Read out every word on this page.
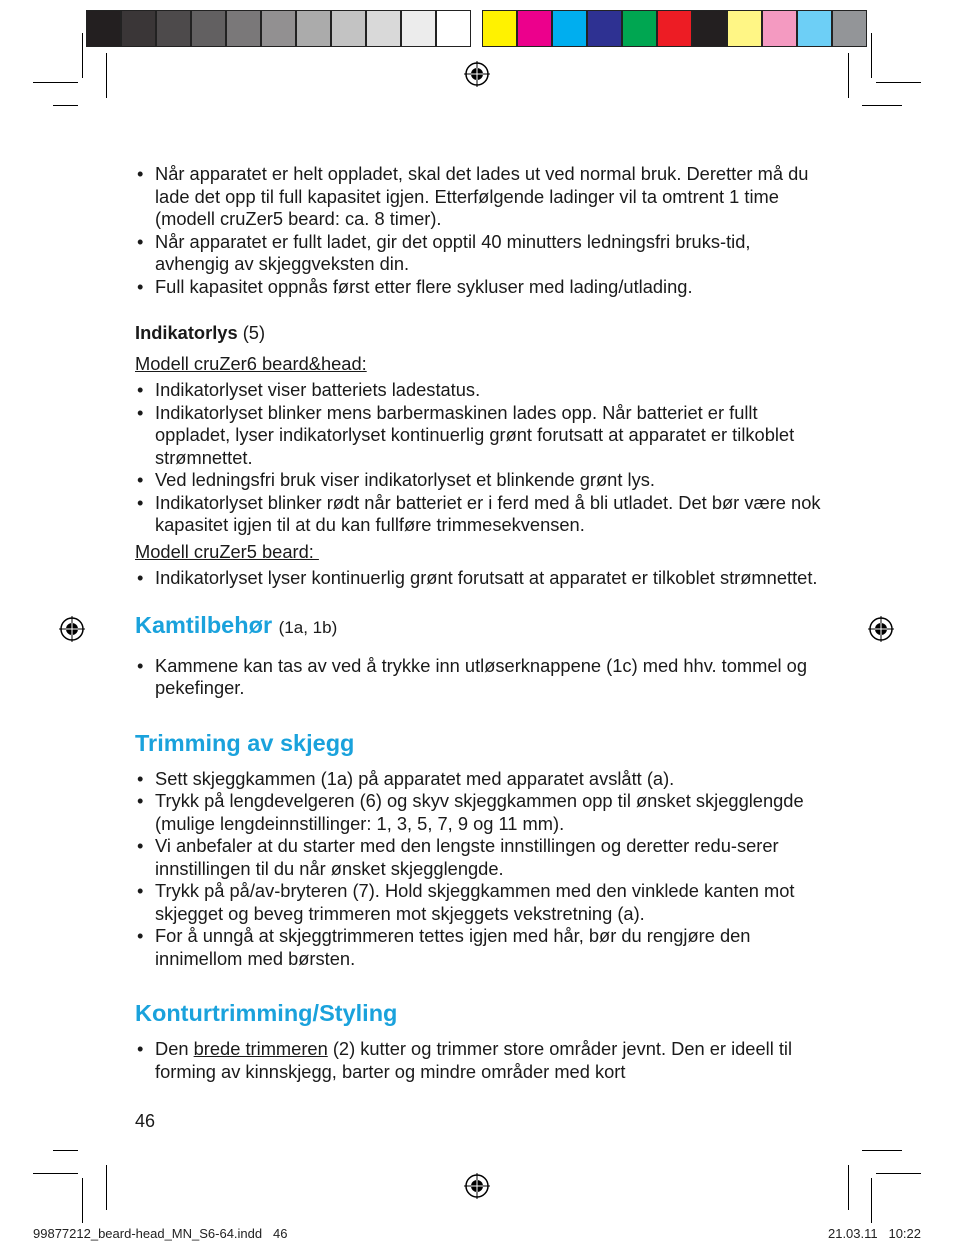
• Når apparatet er helt oppladet, skal det lades ut ved normal bruk. Deretter må du lade det opp til full kapasitet igjen. Etterfølgende ladinger vil ta omtrent 1 time (modell cruZer5 beard: ca. 8 timer).
• Når apparatet er fullt ladet, gir det opptil 40 minutters ledningsfri bruks-tid, avhengig av skjeggveksten din.
• Full kapasitet oppnås først etter flere sykluser med lading/utlading.
Indikatorlys (5)
Modell cruZer6 beard&head:
• Indikatorlyset viser batteriets ladestatus.
• Indikatorlyset blinker mens barbermaskinen lades opp. Når batteriet er fullt oppladet, lyser indikatorlyset kontinuerlig grønt forutsatt at apparatet er tilkoblet strømnettet.
• Ved ledningsfri bruk viser indikatorlyset et blinkende grønt lys.
• Indikatorlyset blinker rødt når batteriet er i ferd med å bli utladet. Det bør være nok kapasitet igjen til at du kan fullføre trimmesekvensen.
Modell cruZer5 beard:
• Indikatorlyset lyser kontinuerlig grønt forutsatt at apparatet er tilkoblet strømnettet.
Kamtilbehør (1a, 1b)
• Kammene kan tas av ved å trykke inn utløserknappene (1c) med hhv. tommel og pekefinger.
Trimming av skjegg
• Sett skjeggkammen (1a) på apparatet med apparatet avslått (a).
• Trykk på lengdevelgeren (6) og skyv skjeggkammen opp til ønsket skjegglengde (mulige lengdeinnstillinger: 1, 3, 5, 7, 9 og 11 mm).
• Vi anbefaler at du starter med den lengste innstillingen og deretter redu-serer innstillingen til du når ønsket skjegglengde.
• Trykk på på/av-bryteren (7). Hold skjeggkammen med den vinklede kanten mot skjegget og beveg trimmeren mot skjeggets vekstretning (a).
• For å unngå at skjeggtrimmeren tettes igjen med hår, bør du rengjøre den innimellom med børsten.
Konturtrimming/Styling
• Den brede trimmeren (2) kutter og trimmer store områder jevnt. Den er ideell til forming av kinnskjegg, barter og mindre områder med kort
46
99877212_beard-head_MN_S6-64.indd   46	21.03.11   10:22
